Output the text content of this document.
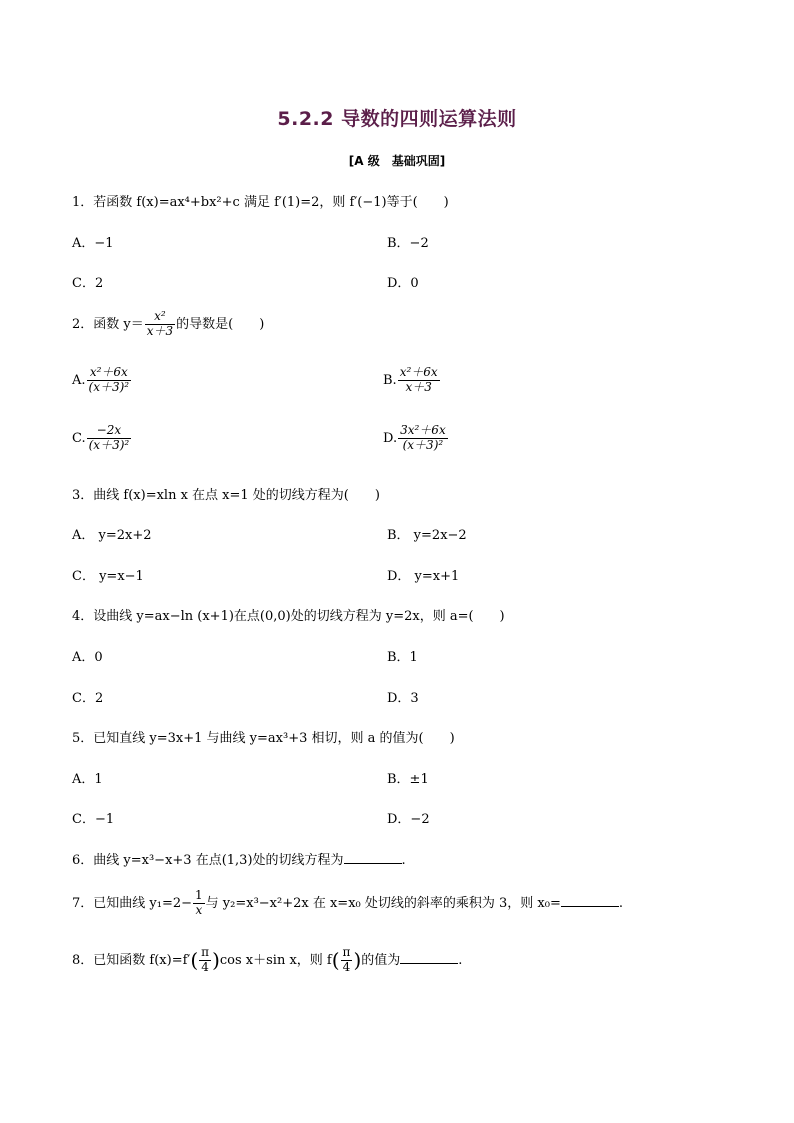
5.2.2 导数的四则运算法则
[A 级　基础巩固]
1．若函数 f(x)=ax⁴+bx²+c 满足 f′(1)=2，则 f′(−1)等于(　　)
A．−1	B．−2
C．2	D．0
2．函数 $y= \frac{\text{x²}}{x+3}$ 的导数是(　　)
A. $\frac{\text{x²＋6x}}{\text{(x＋3)²}}$	B. $\frac{\text{x²＋6x}}{x+3}$
C. $\frac{-2x}{\text{(x＋3)²}}$	D. $\frac{\text{3x²＋6x}}{\text{(x＋3)²}}$
3．曲线 f(x)=xln x 在点 x=1 处的切线方程为(　　)
A． y=2x+2	B． y=2x−2
C． y=x−1	D． y=x+1
4．设曲线 y=ax−ln (x+1)在点(0,0)处的切线方程为 y=2x，则 a=(　　)
A．0	B．1
C．2	D．3
5．已知直线 y=3x+1 与曲线 y=ax³+3 相切，则 a 的值为(　　)
A．1	B．±1
C．−1	D．−2
6．曲线 y=x³−x+3 在点(1,3)处的切线方程为	.
7．已知曲线 $y_1=2- \frac{1}{x}$ 与 y₂=x³−x²+2x 在 x=x₀ 处切线的斜率的乘积为 3，则 x₀=	.
8．已知函数 $f(x)=f'( \frac{\pi}{4} )\cos$ x＋sin x，则 $f( \frac{\pi}{4}$ )的值为	.
